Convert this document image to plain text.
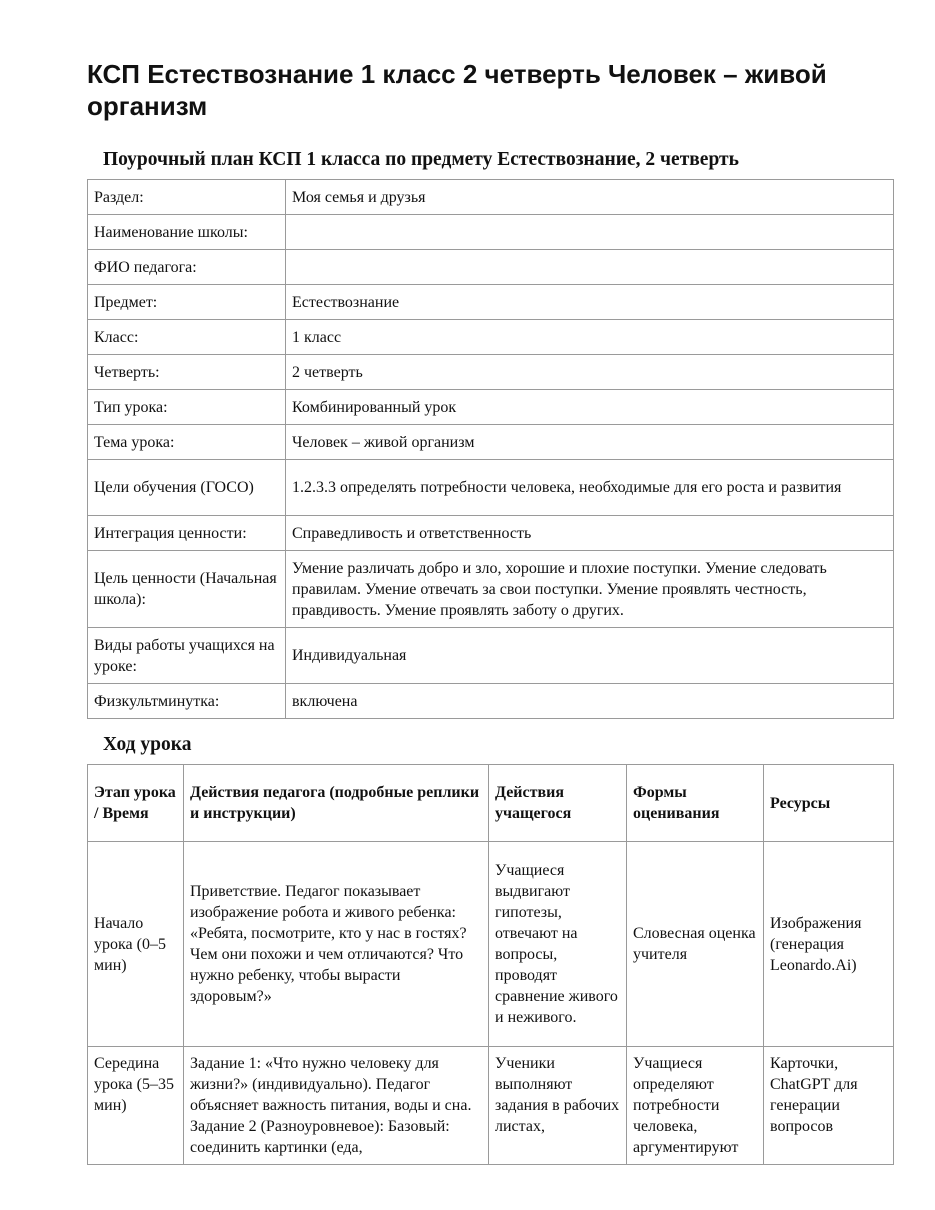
КСП Естествознание 1 класс 2 четверть Человек – живой организм
Поурочный план КСП 1 класса по предмету Естествознание, 2 четверть
Раздел:	Моя семья и друзья
Наименование школы:	
ФИО педагога:	
Предмет:	Естествознание
Класс:	1 класс
Четверть:	2 четверть
Тип урока:	Комбинированный урок
Тема урока:	Человек – живой организм
Цели обучения (ГОСО)	1.2.3.3 определять потребности человека, необходимые для его роста и развития
Интеграция ценности:	Справедливость и ответственность
Цель ценности (Начальная школа):	Умение различать добро и зло, хорошие и плохие поступки. Умение следовать правилам. Умение отвечать за свои поступки. Умение проявлять честность, правдивость. Умение проявлять заботу о других.
Виды работы учащихся на уроке:	Индивидуальная
Физкультминутка:	включена
Ход урока
Этап урока / Время	Действия педагога (подробные реплики и инструкции)	Действия учащегося	Формы оценивания	Ресурсы
Начало урока (0–5 мин)	Приветствие. Педагог показывает изображение робота и живого ребенка: «Ребята, посмотрите, кто у нас в гостях? Чем они похожи и чем отличаются? Что нужно ребенку, чтобы вырасти здоровым?»	Учащиеся выдвигают гипотезы, отвечают на вопросы, проводят сравнение живого и неживого.	Словесная оценка учителя	Изображения (генерация Leonardo.Ai)
Середина урока (5–35 мин)	Задание 1: «Что нужно человеку для жизни?» (индивидуально). Педагог объясняет важность питания, воды и сна. Задание 2 (Разноуровневое): Базовый: соединить картинки (еда,	Ученики выполняют задания в рабочих листах,	Учащиеся определяют потребности человека, аргументируют	Карточки, ChatGPT для генерации вопросов
